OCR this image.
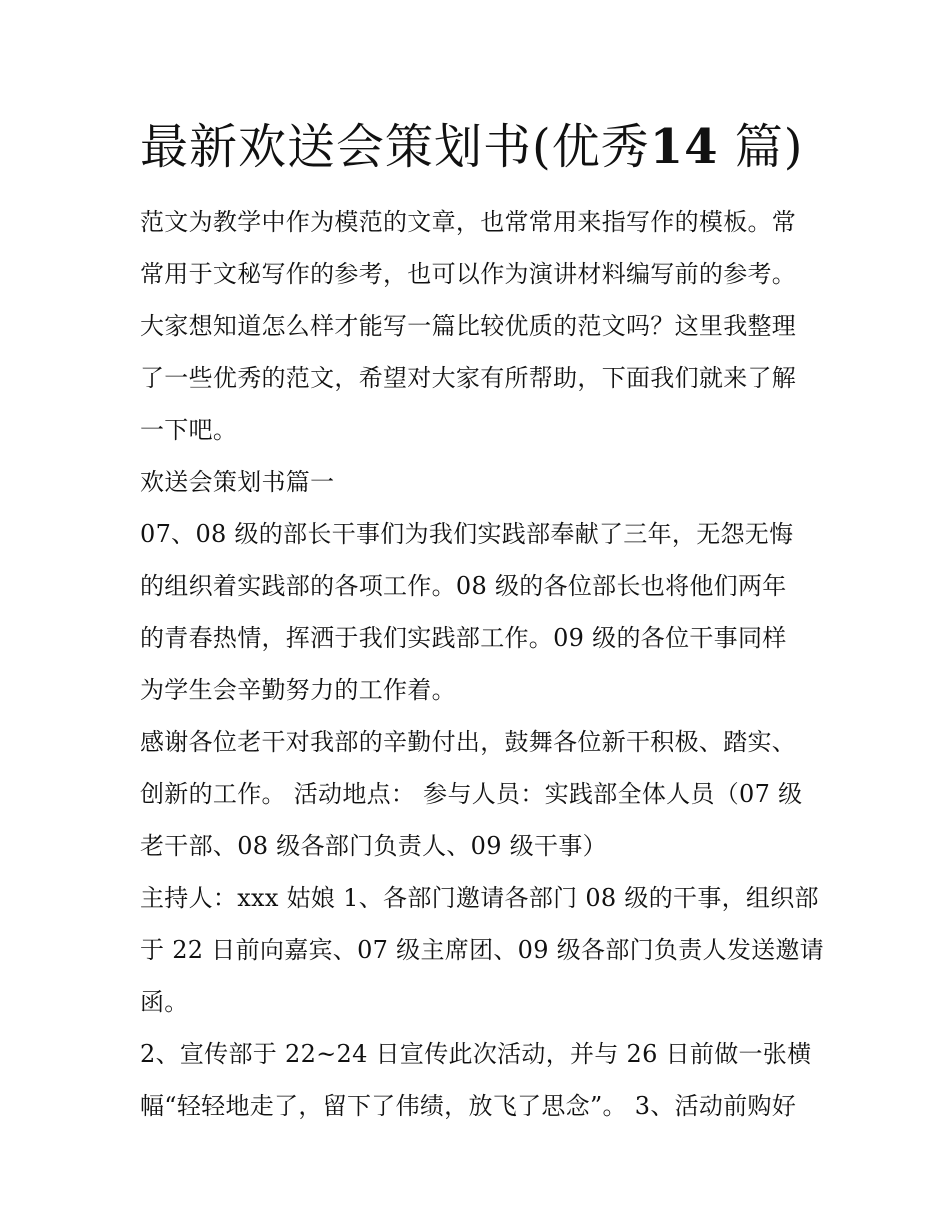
最新欢送会策划书(优秀14 篇)
范文为教学中作为模范的文章，也常常用来指写作的模板。常
常用于文秘写作的参考，也可以作为演讲材料编写前的参考。
大家想知道怎么样才能写一篇比较优质的范文吗？这里我整理
了一些优秀的范文，希望对大家有所帮助，下面我们就来了解
一下吧。
欢送会策划书篇一
07、08 级的部长干事们为我们实践部奉献了三年，无怨无悔
的组织着实践部的各项工作。08 级的各位部长也将他们两年
的青春热情，挥洒于我们实践部工作。09 级的各位干事同样
为学生会辛勤努力的工作着。
感谢各位老干对我部的辛勤付出，鼓舞各位新干积极、踏实、
创新的工作。 活动地点： 参与人员：实践部全体人员（07 级
老干部、08 级各部门负责人、09 级干事）
主持人：xxx 姑娘 1、各部门邀请各部门 08 级的干事，组织部
于 22 日前向嘉宾、07 级主席团、09 级各部门负责人发送邀请
函。
2、宣传部于 22~24 日宣传此次活动，并与 26 日前做一张横
幅“轻轻地走了，留下了伟绩，放飞了思念”。 3、活动前购好
